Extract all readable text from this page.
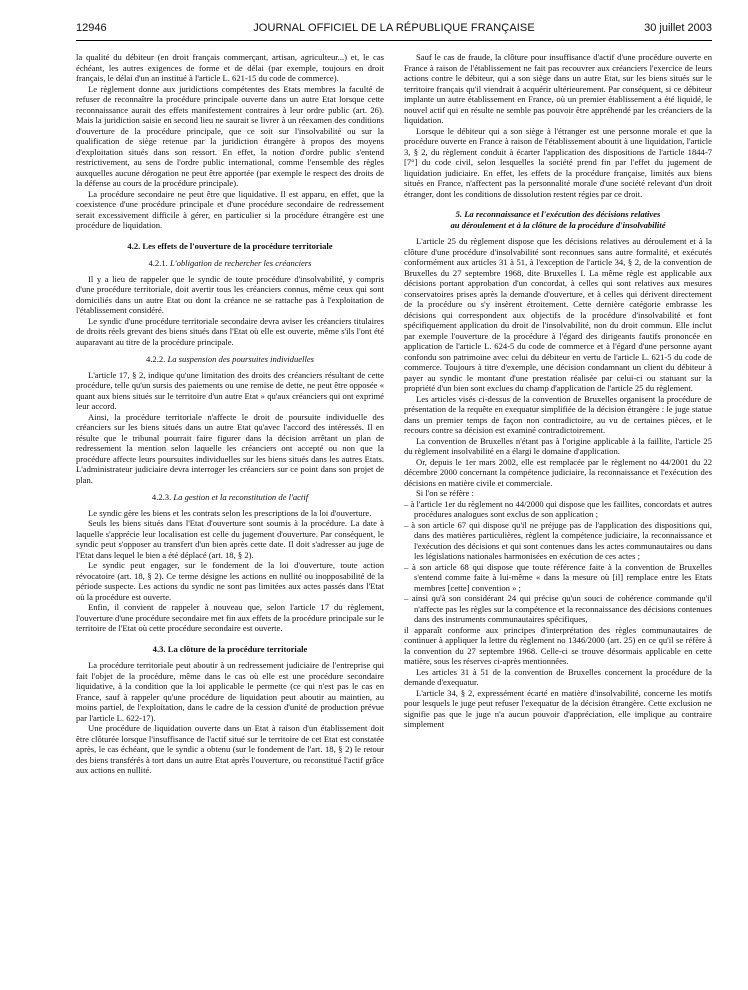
12946	JOURNAL OFFICIEL DE LA RÉPUBLIQUE FRANÇAISE	30 juillet 2003

la qualité du débiteur (en droit français commerçant, artisan, agriculteur...) et, le cas échéant, les autres exigences de forme et de délai (par exemple, toujours en droit français, le délai d'un an institué à l'article L. 621-15 du code de commerce).

Le règlement donne aux juridictions compétentes des Etats membres la faculté de refuser de reconnaître la procédure principale ouverte dans un autre Etat lorsque cette reconnaissance aurait des effets manifestement contraires à leur ordre public (art. 26). Mais la juridiction saisie en second lieu ne saurait se livrer à un réexamen des conditions d'ouverture de la procédure principale, que ce soit sur l'insolvabilité ou sur la qualification de siège retenue par la juridiction étrangère à propos des moyens d'exploitation situés dans son ressort. En effet, la notion d'ordre public s'entend restrictivement, au sens de l'ordre public international, comme l'ensemble des règles auxquelles aucune dérogation ne peut être apportée (par exemple le respect des droits de la défense au cours de la procédure principale).

La procédure secondaire ne peut être que liquidative. Il est apparu, en effet, que la coexistence d'une procédure principale et d'une procédure secondaire de redressement serait excessivement difficile à gérer, en particulier si la procédure étrangère est une procédure de liquidation.

4.2. Les effets de l'ouverture de la procédure territoriale
4.2.1. L'obligation de rechercher les créanciers

Il y a lieu de rappeler que le syndic de toute procédure d'insolvabilité, y compris d'une procédure territoriale, doit avertir tous les créanciers connus, même ceux qui sont domiciliés dans un autre Etat ou dont la créance ne se rattache pas à l'exploitation de l'établissement considéré.

Le syndic d'une procédure territoriale secondaire devra aviser les créanciers titulaires de droits réels grevant des biens situés dans l'Etat où elle est ouverte, même s'ils l'ont été auparavant au titre de la procédure principale.

4.2.2. La suspension des poursuites individuelles

L'article 17, § 2, indique qu'une limitation des droits des créanciers résultant de cette procédure, telle qu'un sursis des paiements ou une remise de dette, ne peut être opposée « quant aux biens situés sur le territoire d'un autre Etat » qu'aux créanciers qui ont exprimé leur accord.

Ainsi, la procédure territoriale n'affecte le droit de poursuite individuelle des créanciers sur les biens situés dans un autre Etat qu'avec l'accord des intéressés. Il en résulte que le tribunal pourrait faire figurer dans la décision arrêtant un plan de redressement la mention selon laquelle les créanciers ont accepté ou non que la procédure affecte leurs poursuites individuelles sur les biens situés dans les autres Etats. L'administrateur judiciaire devra interroger les créanciers sur ce point dans son projet de plan.

4.2.3. La gestion et la reconstitution de l'actif

Le syndic gère les biens et les contrats selon les prescriptions de la loi d'ouverture.

Seuls les biens situés dans l'Etat d'ouverture sont soumis à la procédure. La date à laquelle s'apprécie leur localisation est celle du jugement d'ouverture. Par conséquent, le syndic peut s'opposer au transfert d'un bien après cette date. Il doit s'adresser au juge de l'Etat dans lequel le bien a été déplacé (art. 18, § 2).

Le syndic peut engager, sur le fondement de la loi d'ouverture, toute action révocatoire (art. 18, § 2). Ce terme désigne les actions en nullité ou inopposabilité de la période suspecte. Les actions du syndic ne sont pas limitées aux actes passés dans l'Etat où la procédure est ouverte.

Enfin, il convient de rappeler à nouveau que, selon l'article 17 du règlement, l'ouverture d'une procédure secondaire met fin aux effets de la procédure principale sur le territoire de l'Etat où cette procédure secondaire est ouverte.

4.3. La clôture de la procédure territoriale

La procédure territoriale peut aboutir à un redressement judiciaire de l'entreprise qui fait l'objet de la procédure, même dans le cas où elle est une procédure secondaire liquidative, à la condition que la loi applicable le permette (ce qui n'est pas le cas en France, sauf à rappeler qu'une procédure de liquidation peut aboutir au maintien, au moins partiel, de l'exploitation, dans le cadre de la cession d'unité de production prévue par l'article L. 622-17).

Une procédure de liquidation ouverte dans un Etat à raison d'un établissement doit être clôturée lorsque l'insuffisance de l'actif situé sur le territoire de cet Etat est constatée après, le cas échéant, que le syndic a obtenu (sur le fondement de l'art. 18, § 2) le retour des biens transférés à tort dans un autre Etat après l'ouverture, ou reconstitué l'actif grâce aux actions en nullité.

Sauf le cas de fraude, la clôture pour insuffisance d'actif d'une procédure ouverte en France à raison de l'établissement ne fait pas recouvrer aux créanciers l'exercice de leurs actions contre le débiteur, qui a son siège dans un autre Etat, sur les biens situés sur le territoire français qu'il viendrait à acquérir ultérieurement. Par conséquent, si ce débiteur implante un autre établissement en France, où un premier établissement a été liquidé, le nouvel actif qui en résulte ne semble pas pouvoir être appréhendé par les créanciers de la liquidation.

Lorsque le débiteur qui a son siège à l'étranger est une personne morale et que la procédure ouverte en France à raison de l'établissement aboutit à une liquidation, l'article 3, § 2, du règlement conduit à écarter l'application des dispositions de l'article 1844-7 [7°] du code civil, selon lesquelles la société prend fin par l'effet du jugement de liquidation judiciaire. En effet, les effets de la procédure française, limités aux biens situés en France, n'affectent pas la personnalité morale d'une société relevant d'un droit étranger, dont les conditions de dissolution restent régies par ce droit.

5. La reconnaissance et l'exécution des décisions relatives
au déroulement et à la clôture de la procédure d'insolvabilité

L'article 25 du règlement dispose que les décisions relatives au déroulement et à la clôture d'une procédure d'insolvabilité sont reconnues sans autre formalité, et exécutés conformément aux articles 31 à 51, à l'exception de l'article 34, § 2, de la convention de Bruxelles du 27 septembre 1968, dite Bruxelles I. La même règle est applicable aux décisions portant approbation d'un concordat, à celles qui sont relatives aux mesures conservatoires prises après la demande d'ouverture, et à celles qui dérivent directement de la procédure ou s'y insèrent étroitement. Cette dernière catégorie embrasse les décisions qui correspondent aux objectifs de la procédure d'insolvabilité et font spécifiquement application du droit de l'insolvabilité, non du droit commun. Elle inclut par exemple l'ouverture de la procédure à l'égard des dirigeants fautifs prononcée en application de l'article L. 624-5 du code de commerce et à l'égard d'une personne ayant confondu son patrimoine avec celui du débiteur en vertu de l'article L. 621-5 du code de commerce. Toujours à titre d'exemple, une décision condamnant un client du débiteur à payer au syndic le montant d'une prestation réalisée par celui-ci ou statuant sur la propriété d'un bien sont exclues du champ d'application de l'article 25 du règlement.

Les articles visés ci-dessus de la convention de Bruxelles organisent la procédure de présentation de la requête en exequatur simplifiée de la décision étrangère : le juge statue dans un premier temps de façon non contradictoire, au vu de certaines pièces, et le recours contre sa décision est examiné contradictoirement.

La convention de Bruxelles n'étant pas à l'origine applicable à la faillite, l'article 25 du règlement insolvabilité en a élargi le domaine d'application.

Or, depuis le 1er mars 2002, elle est remplacée par le règlement no 44/2001 du 22 décembre 2000 concernant la compétence judiciaire, la reconnaissance et l'exécution des décisions en matière civile et commerciale.

Si l'on se réfère :

– à l'article 1er du règlement no 44/2000 qui dispose que les faillites, concordats et autres procédures analogues sont exclus de son application ;
– à son article 67 qui dispose qu'il ne préjuge pas de l'application des dispositions qui, dans des matières particulières, règlent la compétence judiciaire, la reconnaissance et l'exécution des décisions et qui sont contenues dans les actes communautaires ou dans les législations nationales harmonisées en exécution de ces actes ;
– à son article 68 qui dispose que toute référence faite à la convention de Bruxelles s'entend comme faite à lui-même « dans la mesure où [il] remplace entre les Etats membres [cette] convention » ;
– ainsi qu'à son considérant 24 qui précise qu'un souci de cohérence commande qu'il n'affecte pas les règles sur la compétence et la reconnaissance des décisions contenues dans des instruments communautaires spécifiques,

il apparaît conforme aux principes d'interprétation des règles communautaires de continuer à appliquer la lettre du règlement no 1346/2000 (art. 25) en ce qu'il se réfère à la convention du 27 septembre 1968. Celle-ci se trouve désormais applicable en cette matière, sous les réserves ci-après mentionnées.

Les articles 31 à 51 de la convention de Bruxelles concernent la procédure de la demande d'exequatur.

L'article 34, § 2, expressément écarté en matière d'insolvabilité, concerne les motifs pour lesquels le juge peut refuser l'exequatur de la décision étrangère. Cette exclusion ne signifie pas que le juge n'a aucun pouvoir d'appréciation, elle implique au contraire simplement
